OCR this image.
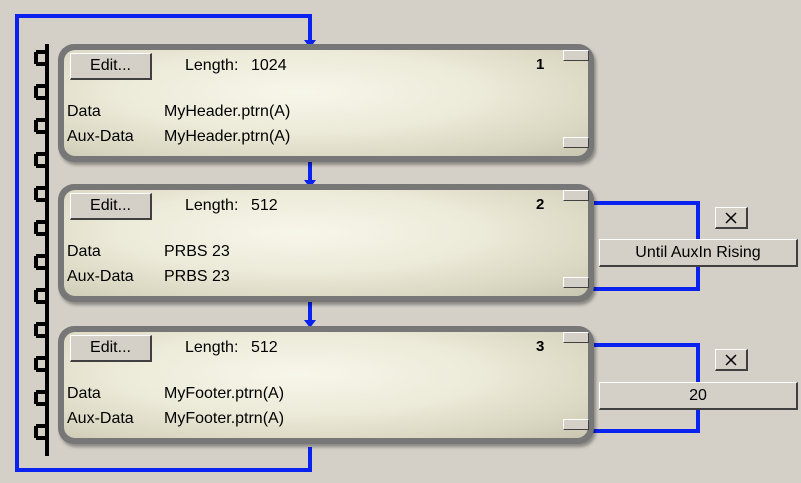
Edit...	Length: 1024	1
Data	MyHeader.ptrn(A)
Aux-Data MyHeader.ptrn(A)
Edit...	Length: 512	2
Data	PRBS 23
Aux-Data PRBS 23
Edit...	Length: 512	3
Data	MyFooter.ptrn(A)
Aux-Data MyFooter.ptrn(A)
Until AuxIn Rising
20
